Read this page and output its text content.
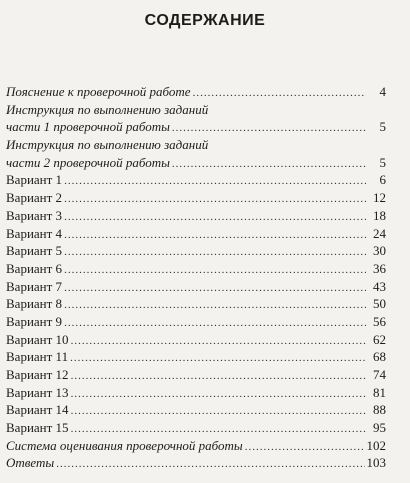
СОДЕРЖАНИЕ
Пояснение к проверочной работе .....	4
Инструкция по выполнению заданий
части 1 проверочной работы .....	5
Инструкция по выполнению заданий
части 2 проверочной работы .....	5
Вариант 1 .....	6
Вариант 2 .....	12
Вариант 3 .....	18
Вариант 4 .....	24
Вариант 5 .....	30
Вариант 6 .....	36
Вариант 7 .....	43
Вариант 8 .....	50
Вариант 9 .....	56
Вариант 10 .....	62
Вариант 11 .....	68
Вариант 12 .....	74
Вариант 13 .....	81
Вариант 14 .....	88
Вариант 15 .....	95
Система оценивания проверочной работы .....	102
Ответы .....	103
